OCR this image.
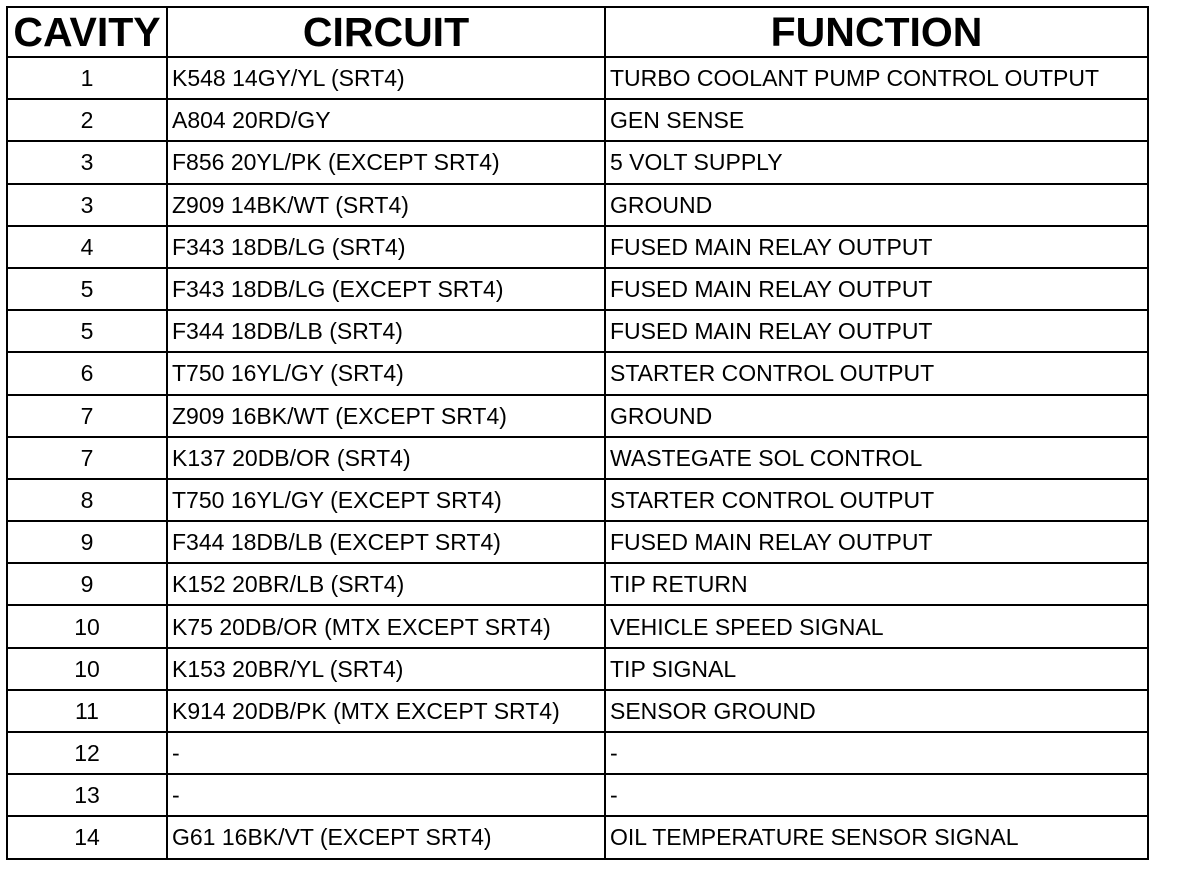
CAVITY	CIRCUIT	FUNCTION
1	K548 14GY/YL (SRT4)	TURBO COOLANT PUMP CONTROL OUTPUT
2	A804 20RD/GY	GEN SENSE
3	F856 20YL/PK (EXCEPT SRT4)	5 VOLT SUPPLY
3	Z909 14BK/WT (SRT4)	GROUND
4	F343 18DB/LG (SRT4)	FUSED MAIN RELAY OUTPUT
5	F343 18DB/LG (EXCEPT SRT4)	FUSED MAIN RELAY OUTPUT
5	F344 18DB/LB (SRT4)	FUSED MAIN RELAY OUTPUT
6	T750 16YL/GY (SRT4)	STARTER CONTROL OUTPUT
7	Z909 16BK/WT (EXCEPT SRT4)	GROUND
7	K137 20DB/OR (SRT4)	WASTEGATE SOL CONTROL
8	T750 16YL/GY (EXCEPT SRT4)	STARTER CONTROL OUTPUT
9	F344 18DB/LB (EXCEPT SRT4)	FUSED MAIN RELAY OUTPUT
9	K152 20BR/LB (SRT4)	TIP RETURN
10	K75 20DB/OR (MTX EXCEPT SRT4)	VEHICLE SPEED SIGNAL
10	K153 20BR/YL (SRT4)	TIP SIGNAL
11	K914 20DB/PK (MTX EXCEPT SRT4)	SENSOR GROUND
12	-	-
13	-	-
14	G61 16BK/VT (EXCEPT SRT4)	OIL TEMPERATURE SENSOR SIGNAL
